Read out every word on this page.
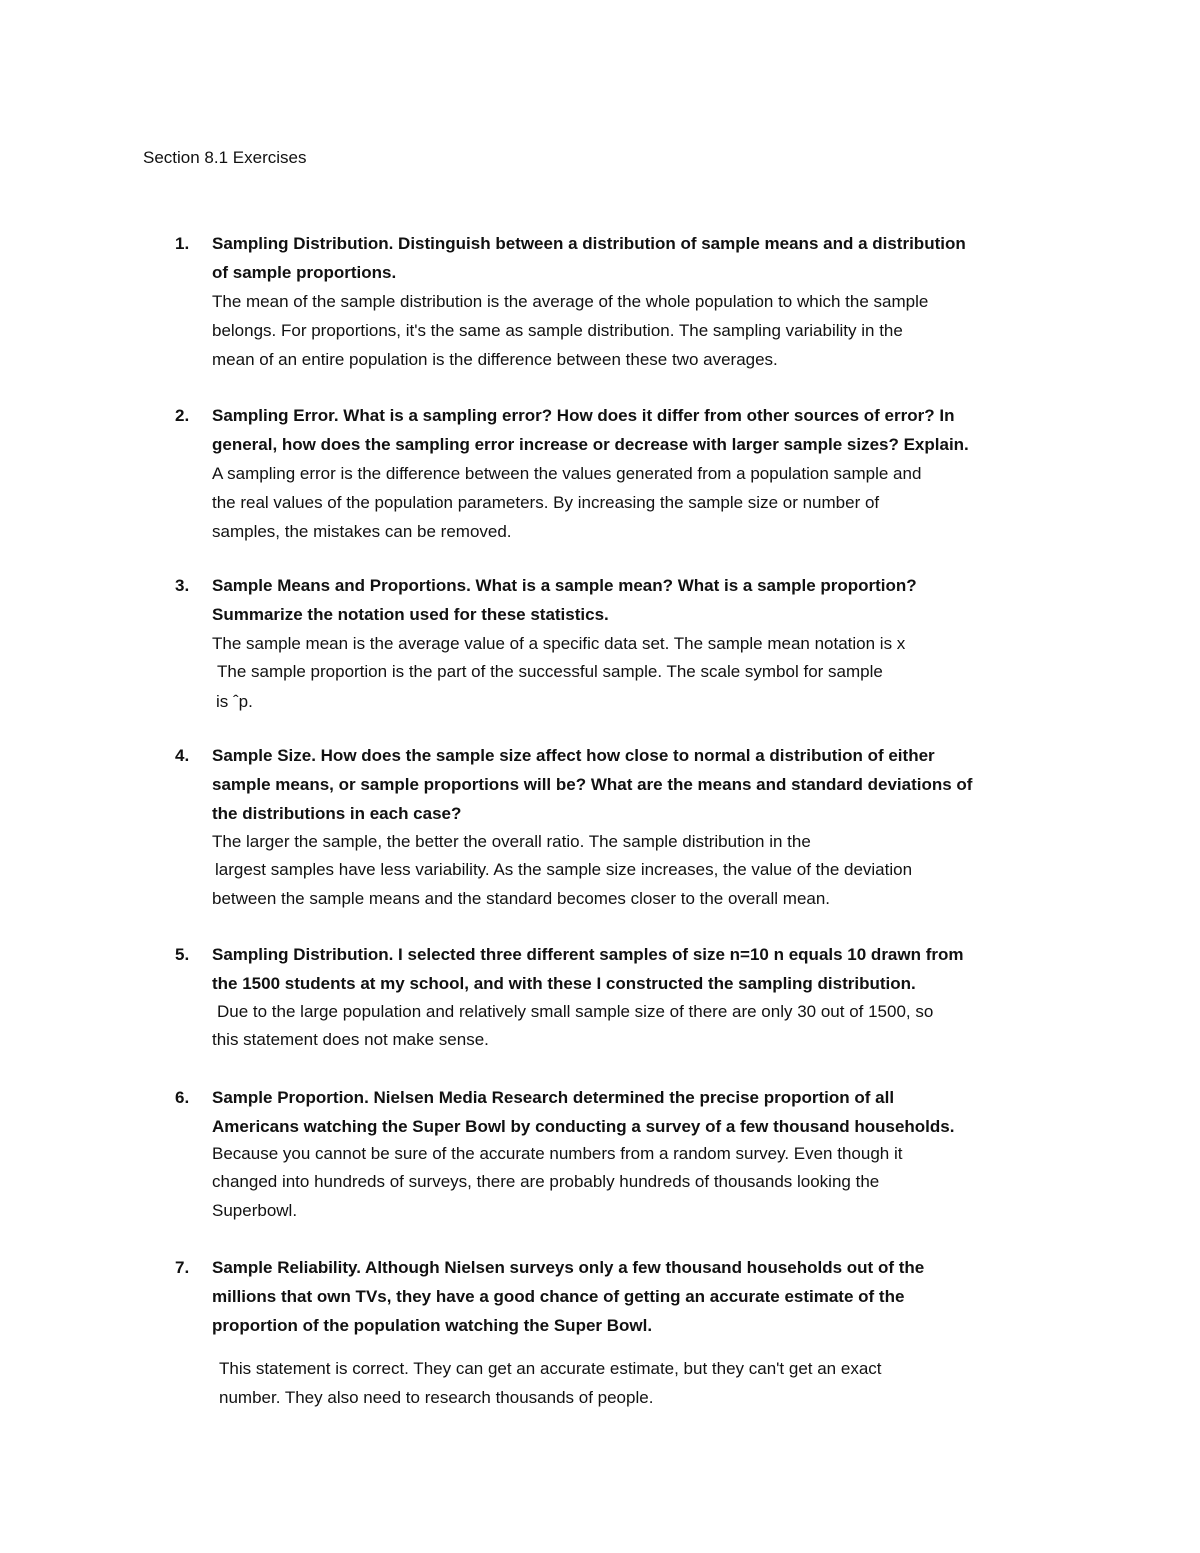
Section 8.1 Exercises
1. Sampling Distribution. Distinguish between a distribution of sample means and a distribution
of sample proportions.
The mean of the sample distribution is the average of the whole population to which the sample
belongs. For proportions, it's the same as sample distribution. The sampling variability in the
mean of an entire population is the difference between these two averages.
2. Sampling Error. What is a sampling error? How does it differ from other sources of error? In
general, how does the sampling error increase or decrease with larger sample sizes? Explain.
A sampling error is the difference between the values generated from a population sample and
the real values of the population parameters. By increasing the sample size or number of
samples, the mistakes can be removed.
3. Sample Means and Proportions. What is a sample mean? What is a sample proportion?
Summarize the notation used for these statistics.
The sample mean is the average value of a specific data set. The sample mean notation is x
The sample proportion is the part of the successful sample. The scale symbol for sample
is ˆp.
4. Sample Size. How does the sample size affect how close to normal a distribution of either
sample means, or sample proportions will be? What are the means and standard deviations of
the distributions in each case?
The larger the sample, the better the overall ratio. The sample distribution in the
largest samples have less variability. As the sample size increases, the value of the deviation
between the sample means and the standard becomes closer to the overall mean.
5. Sampling Distribution. I selected three different samples of size n=10 n equals 10 drawn from
the 1500 students at my school, and with these I constructed the sampling distribution.
Due to the large population and relatively small sample size of there are only 30 out of 1500, so
this statement does not make sense.
6. Sample Proportion. Nielsen Media Research determined the precise proportion of all
Americans watching the Super Bowl by conducting a survey of a few thousand households.
Because you cannot be sure of the accurate numbers from a random survey. Even though it
changed into hundreds of surveys, there are probably hundreds of thousands looking the
Superbowl.
7. Sample Reliability. Although Nielsen surveys only a few thousand households out of the
millions that own TVs, they have a good chance of getting an accurate estimate of the
proportion of the population watching the Super Bowl.
This statement is correct. They can get an accurate estimate, but they can't get an exact
number. They also need to research thousands of people.
